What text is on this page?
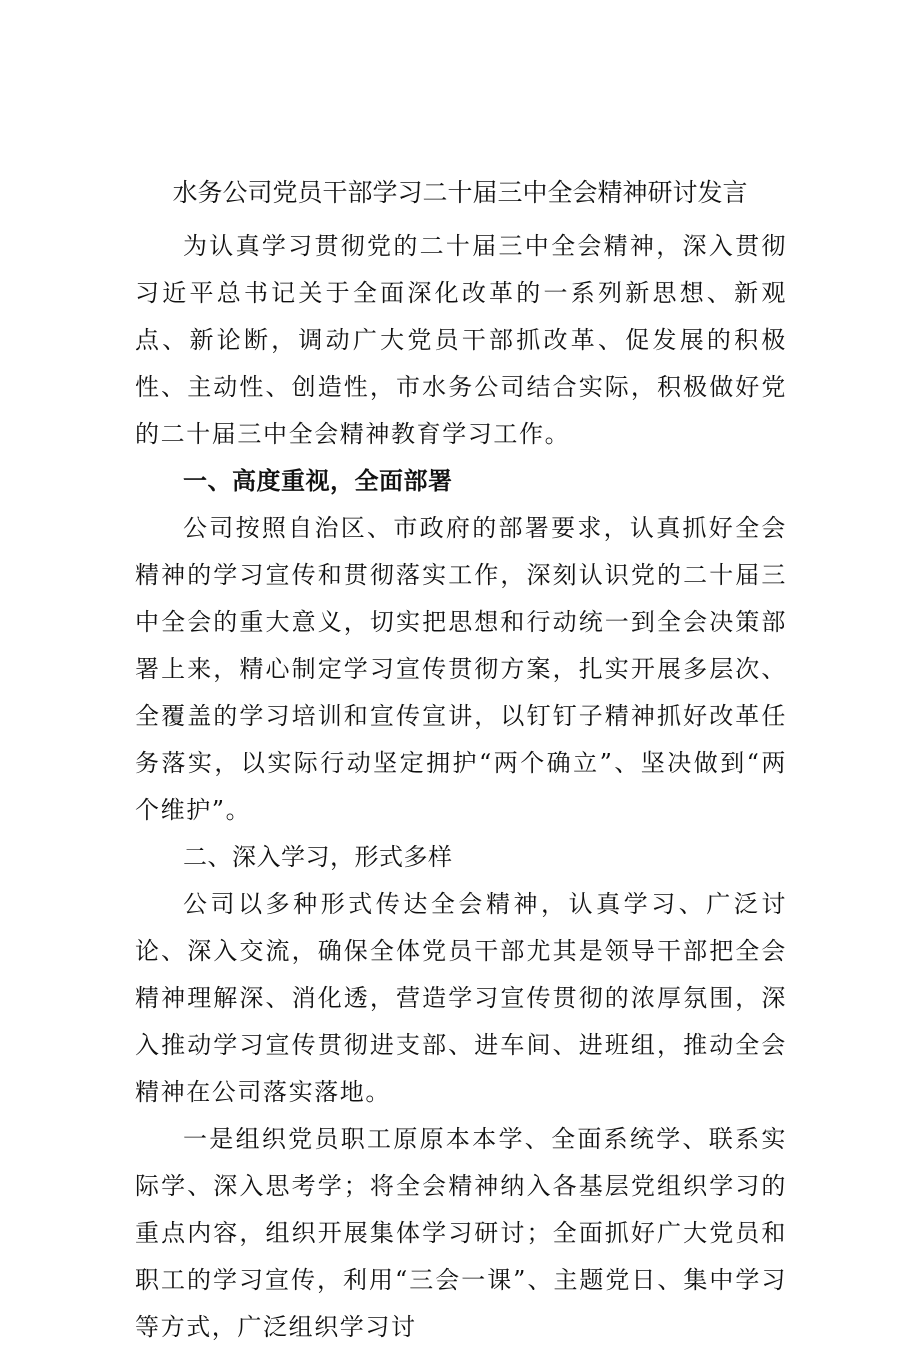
水务公司党员干部学习二十届三中全会精神研讨发言

为认真学习贯彻党的二十届三中全会精神，深入贯彻习近平总书记关于全面深化改革的一系列新思想、新观点、新论断，调动广大党员干部抓改革、促发展的积极性、主动性、创造性，市水务公司结合实际，积极做好党的二十届三中全会精神教育学习工作。

一、高度重视，全面部署

公司按照自治区、市政府的部署要求，认真抓好全会精神的学习宣传和贯彻落实工作，深刻认识党的二十届三中全会的重大意义，切实把思想和行动统一到全会决策部署上来，精心制定学习宣传贯彻方案，扎实开展多层次、全覆盖的学习培训和宣传宣讲，以钉钉子精神抓好改革任务落实，以实际行动坚定拥护“两个确立”、坚决做到“两个维护”。

二、深入学习，形式多样

公司以多种形式传达全会精神，认真学习、广泛讨论、深入交流，确保全体党员干部尤其是领导干部把全会精神理解深、消化透，营造学习宣传贯彻的浓厚氛围，深入推动学习宣传贯彻进支部、进车间、进班组，推动全会精神在公司落实落地。

一是组织党员职工原原本本学、全面系统学、联系实际学、深入思考学；将全会精神纳入各基层党组织学习的重点内容，组织开展集体学习研讨；全面抓好广大党员和职工的学习宣传，利用“三会一课”、主题党日、集中学习等方式，广泛组织学习讨
